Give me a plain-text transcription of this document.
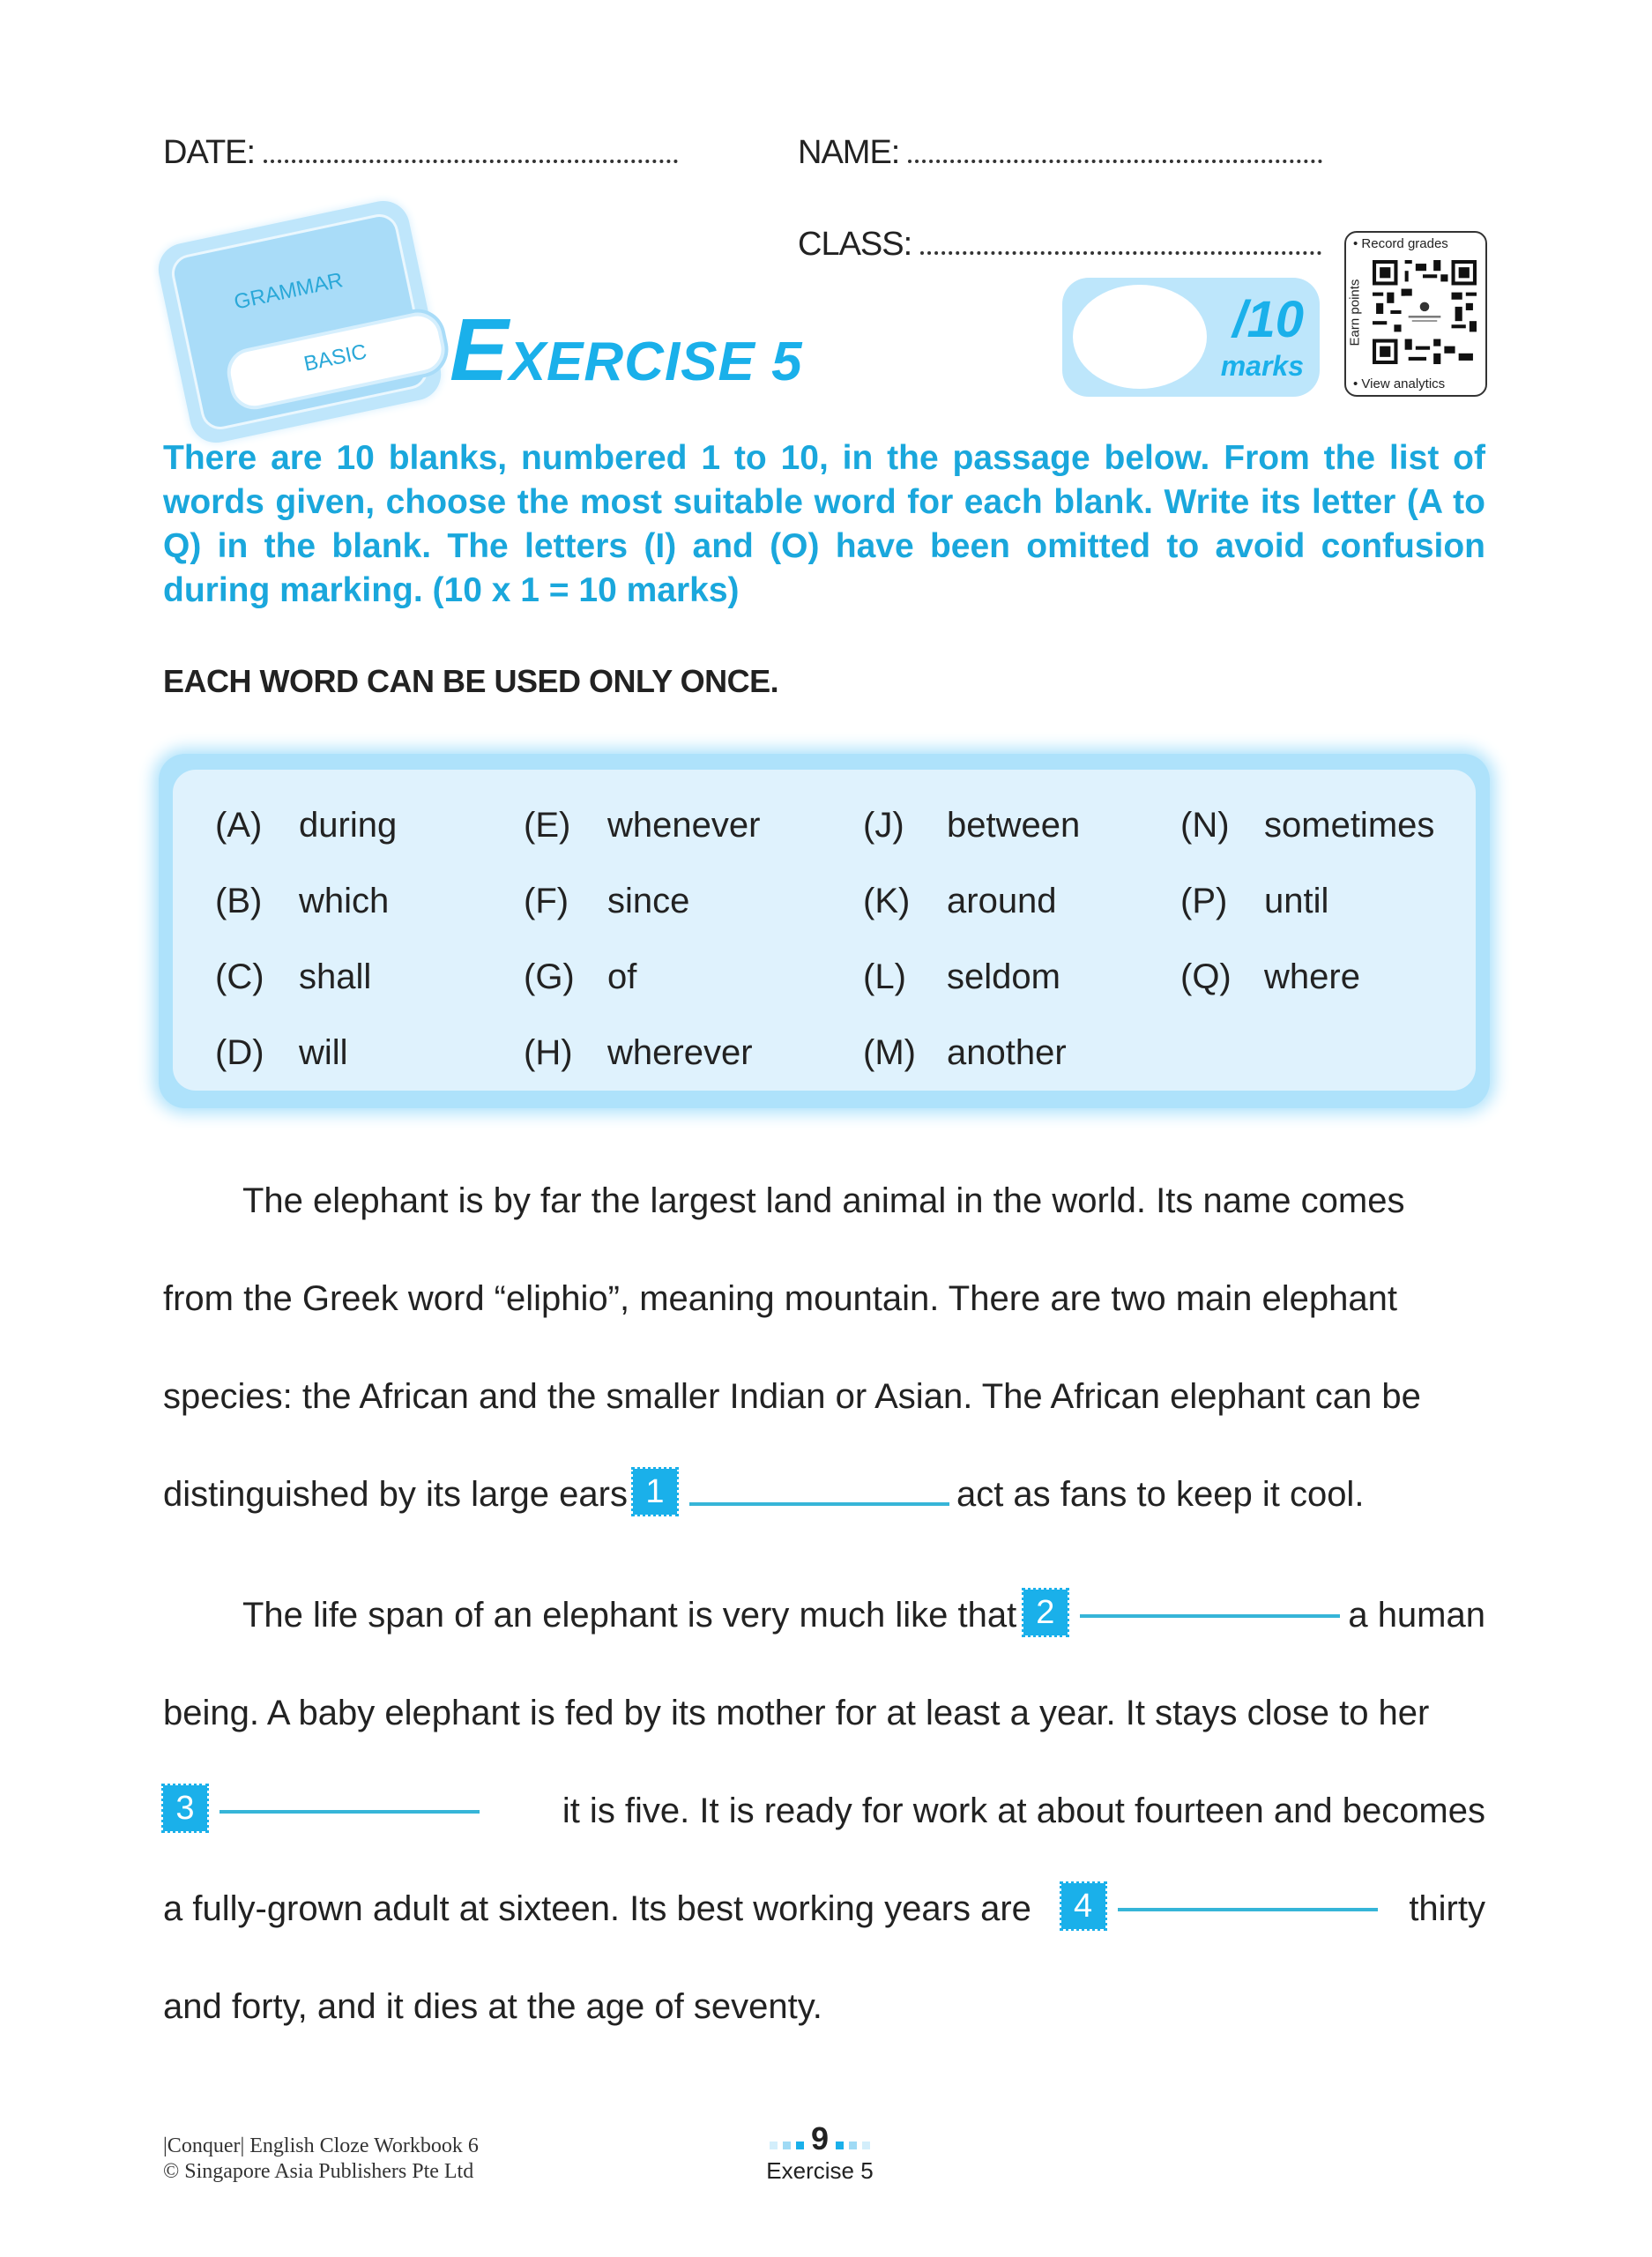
DATE:	NAME:
CLASS:
GRAMMAR
BASIC EXERCISE 5
/10
marks
• Record grades
Earn points
• View analytics
There are 10 blanks, numbered 1 to 10, in the passage below. From the list of words given, choose the most suitable word for each blank. Write its letter (A to Q) in the blank. The letters (I) and (O) have been omitted to avoid confusion during marking. (10 x 1 = 10 marks)
EACH WORD CAN BE USED ONLY ONCE.
(A)	during	(E)	whenever	(J)	between	(N) sometimes
(B)	which	(F)	since	(K)	around	(P)	until
(C) shall	(G) of	(L)	seldom	(Q) where
(D) will	(H) wherever	(M) another
The elephant is by far the largest land animal in the world. Its name comes
from the Greek word “eliphio”, meaning mountain. There are two main elephant
species: the African and the smaller Indian or Asian. The African elephant can be
distinguished by its large ears 1	act as fans to keep it cool.
The life span of an elephant is very much like that 2	a human
being. A baby elephant is fed by its mother for at least a year. It stays close to her
3	it is five. It is ready for work at about fourteen and becomes
a fully-grown adult at sixteen. Its best working years are	4	thirty
and forty, and it dies at the age of seventy.
|Conquer| English Cloze Workbook 6
© Singapore Asia Publishers Pte Ltd
9
Exercise 5
